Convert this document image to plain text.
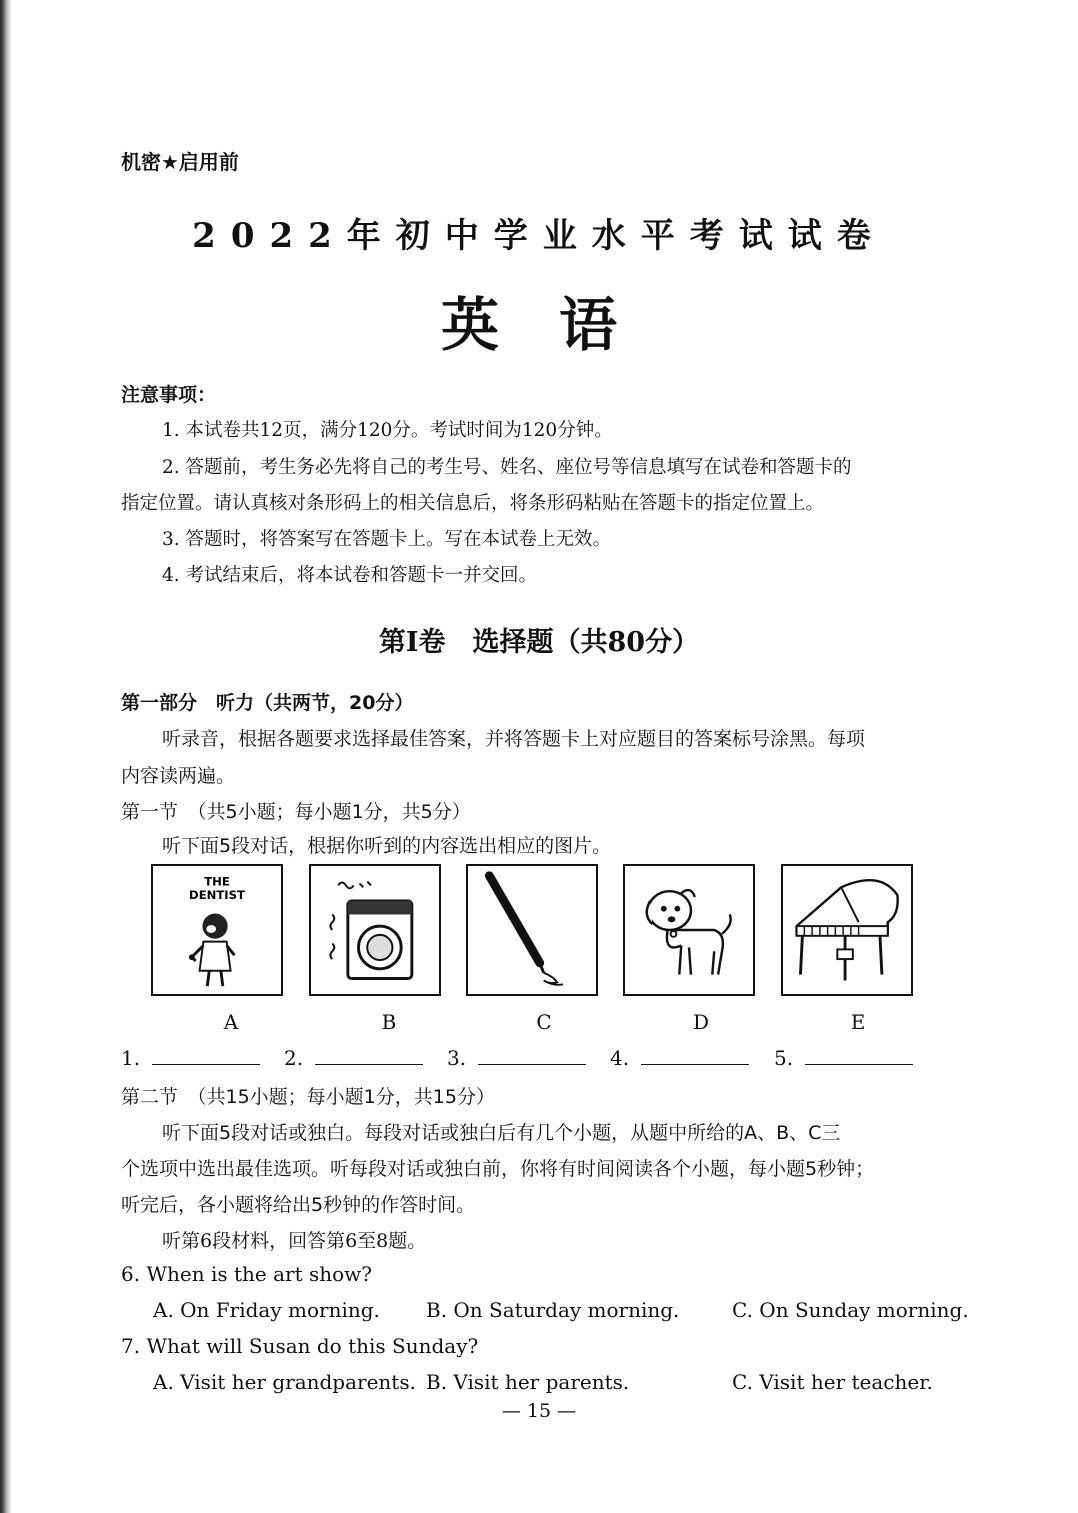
机密★启用前
2022年初中学业水平考试试卷
英语
注意事项：
1. 本试卷共12页，满分120分。考试时间为120分钟。
2. 答题前，考生务必先将自己的考生号、姓名、座位号等信息填写在试卷和答题卡的
指定位置。请认真核对条形码上的相关信息后，将条形码粘贴在答题卡的指定位置上。
3. 答题时，将答案写在答题卡上。写在本试卷上无效。
4. 考试结束后，将本试卷和答题卡一并交回。
第I卷　选择题（共80分）
第一部分　听力（共两节，20分）
听录音，根据各题要求选择最佳答案，并将答题卡上对应题目的答案标号涂黑。每项
内容读两遍。
第一节　（共5小题；每小题1分，共5分）
听下面5段对话，根据你听到的内容选出相应的图片。
THE
DENTIST
A	B	C	D	E
1.	2.	3.	4.	5.
第二节　（共15小题；每小题1分，共15分）
听下面5段对话或独白。每段对话或独白后有几个小题，从题中所给的A、B、C三
个选项中选出最佳选项。听每段对话或独白前，你将有时间阅读各个小题，每小题5秒钟；
听完后，各小题将给出5秒钟的作答时间。
听第6段材料，回答第6至8题。
6. When is the art show?
A. On Friday morning. B. On Saturday morning.	C. On Sunday morning.
7. What will Susan do this Sunday?
A. Visit her grandparents. B. Visit her parents.	C. Visit her teacher.
— 15 —
